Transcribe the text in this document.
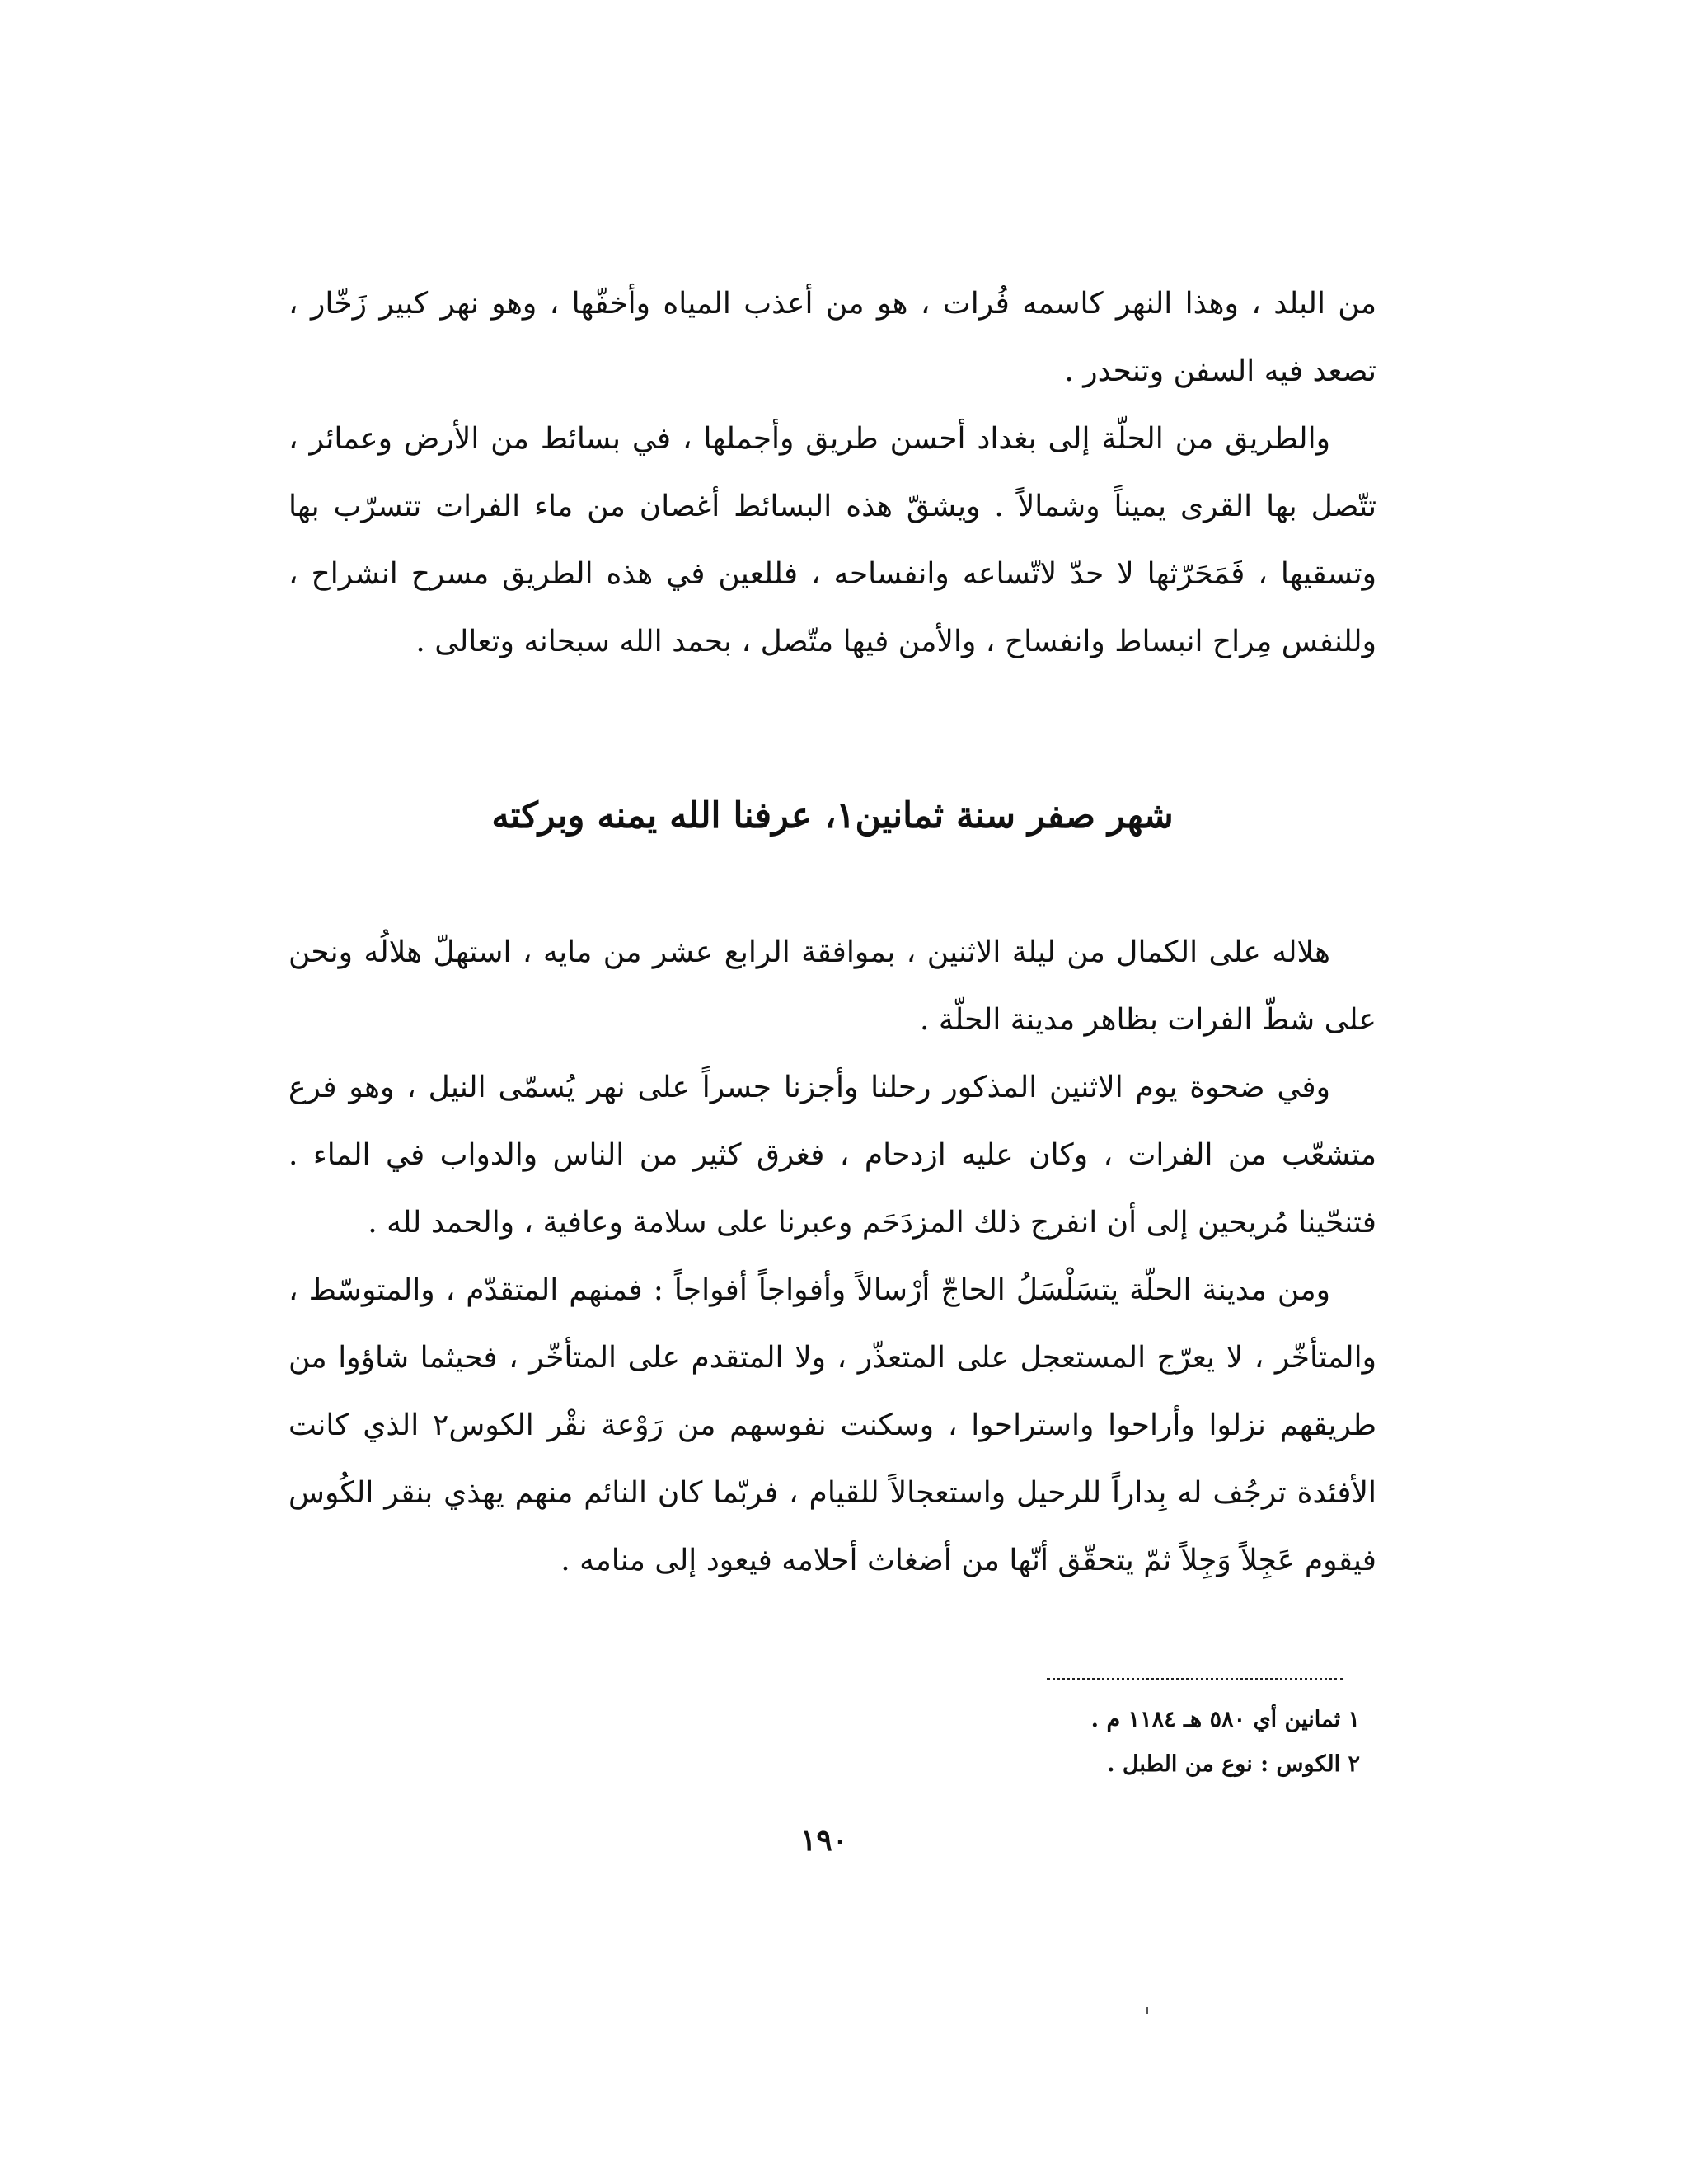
من البلد ، وهذا النهر كاسمه فُرات ، هو من أعذب المياه وأخفّها ، وهو نهر كبير زَخّار ، تصعد فيه السفن وتنحدر .

والطريق من الحلّة إلى بغداد أحسن طريق وأجملها ، في بسائط من الأرض وعمائر ، تتّصل بها القرى يميناً وشمالاً . ويشقّ هذه البسائط أغصان من ماء الفرات تتسرّب بها وتسقيها ، فَمَحَرّثها لا حدّ لاتّساعه وانفساحه ، فللعين في هذه الطريق مسرح انشراح ، وللنفس مِراح انبساط وانفساح ، والأمن فيها متّصل ، بحمد الله سبحانه وتعالى .

شهر صفر سنة ثمانين١، عرفنا الله يمنه وبركته

هلاله على الكمال من ليلة الاثنين ، بموافقة الرابع عشر من مايه ، استهلّ هلالُه ونحن على شطّ الفرات بظاهر مدينة الحلّة .

وفي ضحوة يوم الاثنين المذكور رحلنا وأجزنا جسراً على نهر يُسمّى النيل ، وهو فرع متشعّب من الفرات ، وكان عليه ازدحام ، فغرق كثير من الناس والدواب في الماء . فتنحّينا مُريحين إلى أن انفرج ذلك المزدَحَم وعبرنا على سلامة وعافية ، والحمد لله .

ومن مدينة الحلّة يتسَلْسَلُ الحاجّ أرْسالاً وأفواجاً أفواجاً : فمنهم المتقدّم ، والمتوسّط ، والمتأخّر ، لا يعرّج المستعجل على المتعذّر ، ولا المتقدم على المتأخّر ، فحيثما شاؤوا من طريقهم نزلوا وأراحوا واستراحوا ، وسكنت نفوسهم من رَوْعة نقْر الكوس٢ الذي كانت الأفئدة ترجُف له بِداراً للرحيل واستعجالاً للقيام ، فربّما كان النائم منهم يهذي بنقر الكُوس فيقوم عَجِلاً وَجِلاً ثمّ يتحقّق أنّها من أضغاث أحلامه فيعود إلى منامه .

١ ثمانين أي ٥٨٠ هـ ١١٨٤ م .

٢ الكوس : نوع من الطبل .

١٩٠
